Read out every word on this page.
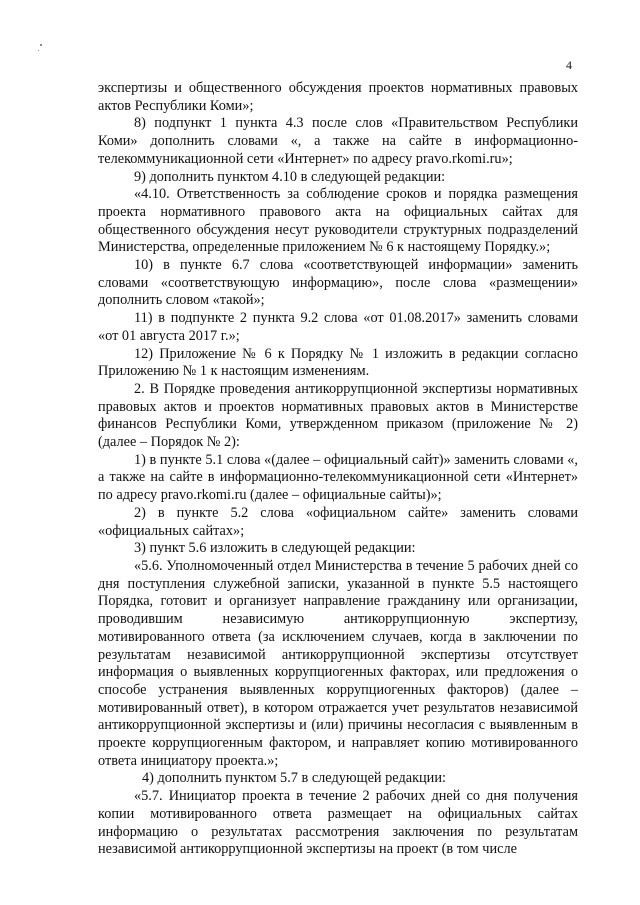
4

экспертизы и общественного обсуждения проектов нормативных правовых актов Республики Коми»;

8) подпункт 1 пункта 4.3 после слов «Правительством Республики Коми» дополнить словами «, а также на сайте в информационно-телекоммуникационной сети «Интернет» по адресу pravo.rkomi.ru»;

9) дополнить пунктом 4.10 в следующей редакции:

«4.10. Ответственность за соблюдение сроков и порядка размещения проекта нормативного правового акта на официальных сайтах для общественного обсуждения несут руководители структурных подразделений Министерства, определенные приложением № 6 к настоящему Порядку.»;

10) в пункте 6.7 слова «соответствующей информации» заменить словами «соответствующую информацию», после слова «размещении» дополнить словом «такой»;

11) в подпункте 2 пункта 9.2 слова «от 01.08.2017» заменить словами «от 01 августа 2017 г.»;

12) Приложение № 6 к Порядку № 1 изложить в редакции согласно Приложению № 1 к настоящим изменениям.

2. В Порядке проведения антикоррупционной экспертизы нормативных правовых актов и проектов нормативных правовых актов в Министерстве финансов Республики Коми, утвержденном приказом (приложение № 2) (далее – Порядок № 2):

1) в пункте 5.1 слова «(далее – официальный сайт)» заменить словами «, а также на сайте в информационно-телекоммуникационной сети «Интернет» по адресу pravo.rkomi.ru (далее – официальные сайты)»;

2) в пункте 5.2 слова «официальном сайте» заменить словами «официальных сайтах»;

3) пункт 5.6 изложить в следующей редакции:

«5.6. Уполномоченный отдел Министерства в течение 5 рабочих дней со дня поступления служебной записки, указанной в пункте 5.5 настоящего Порядка, готовит и организует направление гражданину или организации, проводившим независимую антикоррупционную экспертизу, мотивированного ответа (за исключением случаев, когда в заключении по результатам независимой антикоррупционной экспертизы отсутствует информация о выявленных коррупциогенных факторах, или предложения о способе устранения выявленных коррупциогенных факторов) (далее – мотивированный ответ), в котором отражается учет результатов независимой антикоррупционной экспертизы и (или) причины несогласия с выявленным в проекте коррупциогенным фактором, и направляет копию мотивированного ответа инициатору проекта.»;

4) дополнить пунктом 5.7 в следующей редакции:

«5.7. Инициатор проекта в течение 2 рабочих дней со дня получения копии мотивированного ответа размещает на официальных сайтах информацию о результатах рассмотрения заключения по результатам независимой антикоррупционной экспертизы на проект (в том числе
